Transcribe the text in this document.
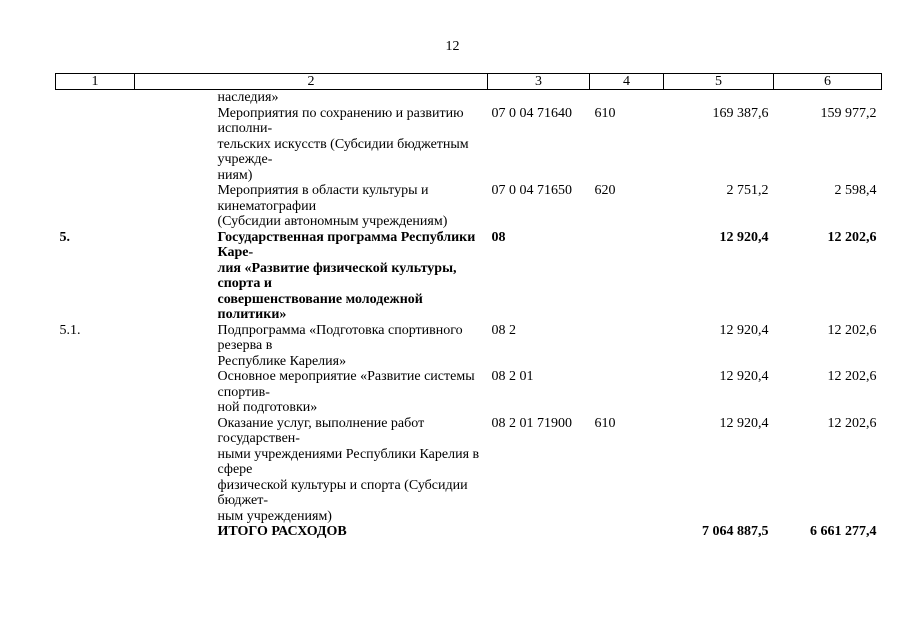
12
1	2	3	4	5	6
	наследия»				
	Мероприятия по сохранению и развитию исполни-
тельских искусств (Субсидии бюджетным учрежде-
ниям)	07 0 04 71640	610	169 387,6	159 977,2
	Мероприятия в области культуры и кинематографии
(Субсидии автономным учреждениям)	07 0 04 71650	620	2 751,2	2 598,4
5.	Государственная программа Республики Каре-
лия «Развитие физической культуры, спорта и
совершенствование молодежной политики»	08		12 920,4	12 202,6
5.1.	Подпрограмма «Подготовка спортивного резерва в
Республике Карелия»	08 2		12 920,4	12 202,6
	Основное мероприятие «Развитие системы спортив-
ной подготовки»	08 2 01		12 920,4	12 202,6
	Оказание услуг, выполнение работ государствен-
ными учреждениями Республики Карелия в сфере
физической культуры и спорта (Субсидии бюджет-
ным учреждениям)	08 2 01 71900	610	12 920,4	12 202,6
	ИТОГО РАСХОДОВ			7 064 887,5	6 661 277,4
